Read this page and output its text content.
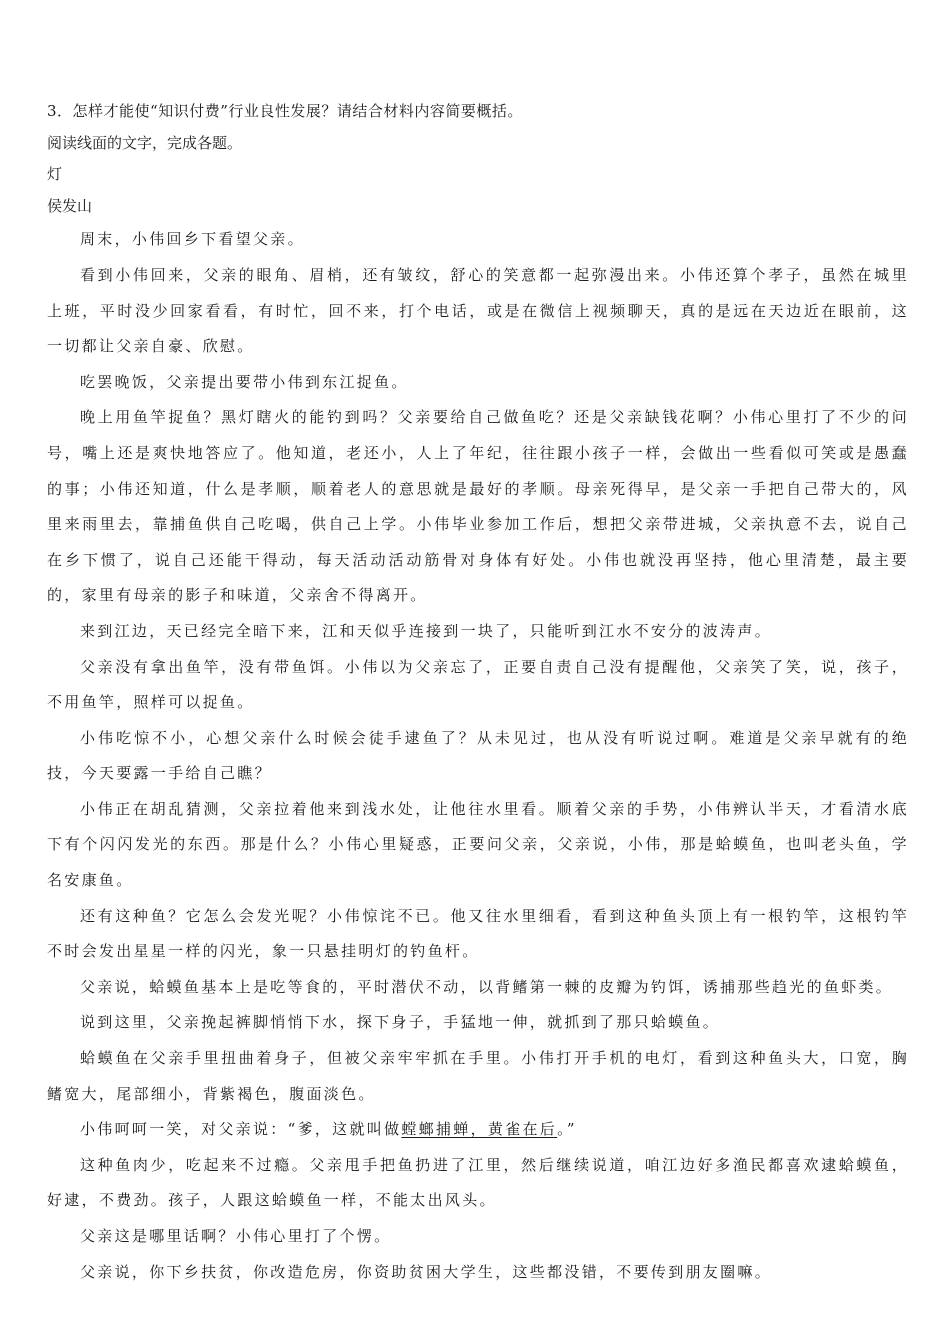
3．怎样才能使“知识付费”行业良性发展？请结合材料内容简要概括。

阅读线面的文字，完成各题。

灯

侯发山

周末，小伟回乡下看望父亲。

看到小伟回来，父亲的眼角、眉梢，还有皱纹，舒心的笑意都一起弥漫出来。小伟还算个孝子，虽然在城里上班，平时没少回家看看，有时忙，回不来，打个电话，或是在微信上视频聊天，真的是远在天边近在眼前，这一切都让父亲自豪、欣慰。

吃罢晚饭，父亲提出要带小伟到东江捉鱼。

晚上用鱼竿捉鱼？黑灯瞎火的能钓到吗？父亲要给自己做鱼吃？还是父亲缺钱花啊？小伟心里打了不少的问号，嘴上还是爽快地答应了。他知道，老还小，人上了年纪，往往跟小孩子一样，会做出一些看似可笑或是愚蠢的事；小伟还知道，什么是孝顺，顺着老人的意思就是最好的孝顺。母亲死得早，是父亲一手把自己带大的，风里来雨里去，靠捕鱼供自己吃喝，供自己上学。小伟毕业参加工作后，想把父亲带进城，父亲执意不去，说自己在乡下惯了，说自己还能干得动，每天活动活动筋骨对身体有好处。小伟也就没再坚持，他心里清楚，最主要的，家里有母亲的影子和味道，父亲舍不得离开。

来到江边，天已经完全暗下来，江和天似乎连接到一块了，只能听到江水不安分的波涛声。

父亲没有拿出鱼竿，没有带鱼饵。小伟以为父亲忘了，正要自责自己没有提醒他，父亲笑了笑，说，孩子，不用鱼竿，照样可以捉鱼。

小伟吃惊不小，心想父亲什么时候会徒手逮鱼了？从未见过，也从没有听说过啊。难道是父亲早就有的绝技，今天要露一手给自己瞧？

小伟正在胡乱猜测，父亲拉着他来到浅水处，让他往水里看。顺着父亲的手势，小伟辨认半天，才看清水底下有个闪闪发光的东西。那是什么？小伟心里疑惑，正要问父亲，父亲说，小伟，那是蛤蟆鱼，也叫老头鱼，学名安康鱼。

还有这种鱼？它怎么会发光呢？小伟惊诧不已。他又往水里细看，看到这种鱼头顶上有一根钓竿，这根钓竿不时会发出星星一样的闪光，象一只悬挂明灯的钓鱼杆。

父亲说，蛤蟆鱼基本上是吃等食的，平时潜伏不动，以背鳍第一棘的皮瓣为钓饵，诱捕那些趋光的鱼虾类。

说到这里，父亲挽起裤脚悄悄下水，探下身子，手猛地一伸，就抓到了那只蛤蟆鱼。

蛤蟆鱼在父亲手里扭曲着身子，但被父亲牢牢抓在手里。小伟打开手机的电灯，看到这种鱼头大，口宽，胸鳍宽大，尾部细小，背紫褐色，腹面淡色。

小伟呵呵一笑，对父亲说：“爹，这就叫做螳螂捕蝉，黄雀在后。”

这种鱼肉少，吃起来不过瘾。父亲甩手把鱼扔进了江里，然后继续说道，咱江边好多渔民都喜欢逮蛤蟆鱼，好逮，不费劲。孩子，人跟这蛤蟆鱼一样，不能太出风头。

父亲这是哪里话啊？小伟心里打了个愣。

父亲说，你下乡扶贫，你改造危房，你资助贫困大学生，这些都没错，不要传到朋友圈嘛。
